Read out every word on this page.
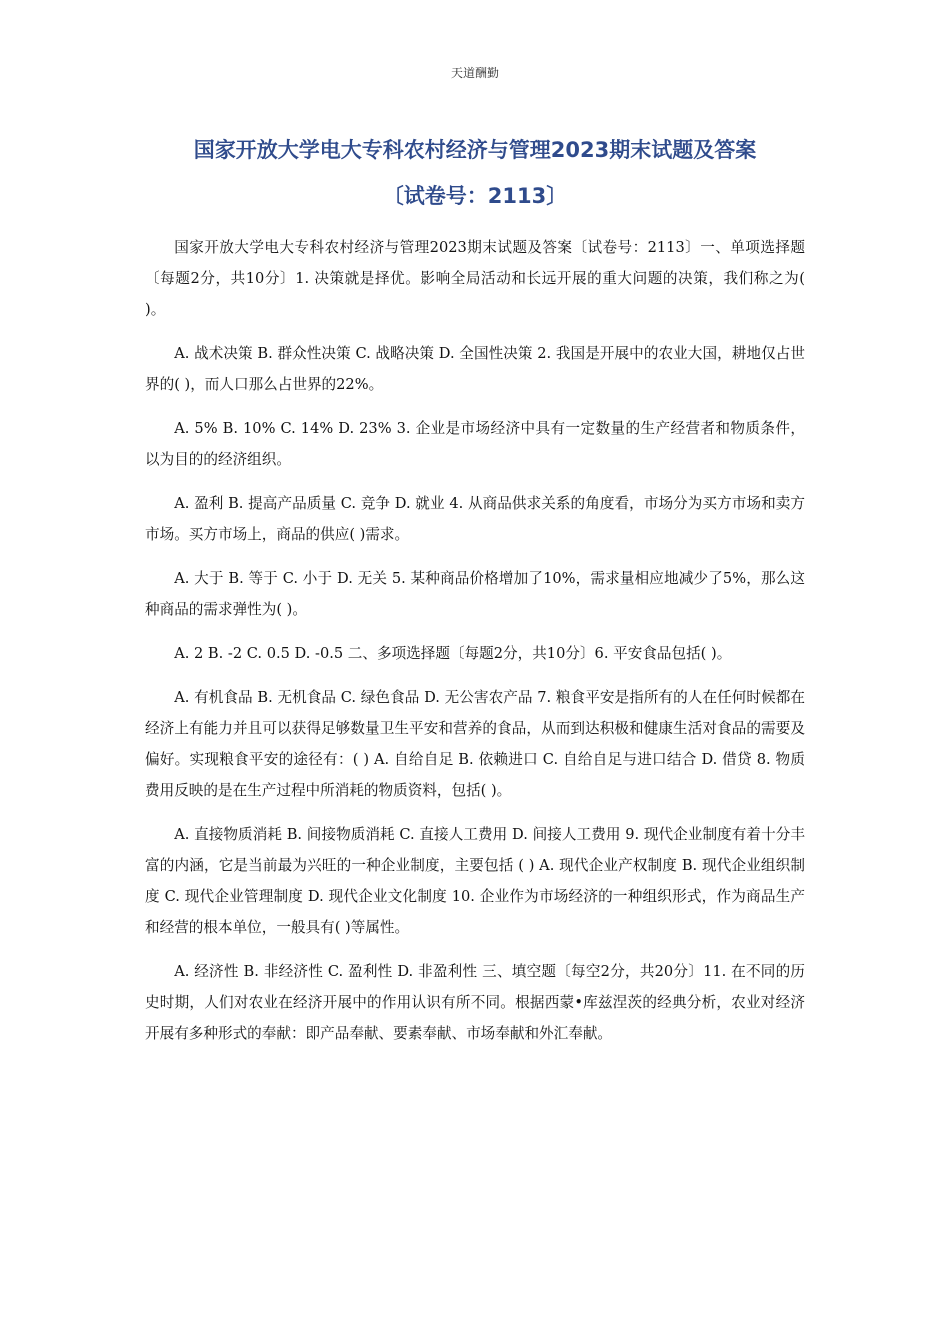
天道酬勤
国家开放大学电大专科农村经济与管理2023期末试题及答案
〔试卷号：2113〕

国家开放大学电大专科农村经济与管理2023期末试题及答案〔试卷号：2113〕一、单项选择题〔每题2分，共10分〕1. 决策就是择优。影响全局活动和长远开展的重大问题的决策，我们称之为( )。

A. 战术决策 B. 群众性决策 C. 战略决策 D. 全国性决策 2. 我国是开展中的农业大国，耕地仅占世界的( )，而人口那么占世界的22%。

A. 5% B. 10% C. 14% D. 23% 3. 企业是市场经济中具有一定数量的生产经营者和物质条件，以为目的的经济组织。

A. 盈利 B. 提高产品质量 C. 竞争 D. 就业 4. 从商品供求关系的角度看，市场分为买方市场和卖方市场。买方市场上，商品的供应( )需求。

A. 大于 B. 等于 C. 小于 D. 无关 5. 某种商品价格增加了10%，需求量相应地减少了5%，那么这种商品的需求弹性为( )。

A. 2 B. -2 C. 0.5 D. -0.5 二、多项选择题〔每题2分，共10分〕6. 平安食品包括( )。

A. 有机食品 B. 无机食品 C. 绿色食品 D. 无公害农产品 7. 粮食平安是指所有的人在任何时候都在经济上有能力并且可以获得足够数量卫生平安和营养的食品，从而到达积极和健康生活对食品的需要及偏好。实现粮食平安的途径有：( ) A. 自给自足 B. 依赖进口 C. 自给自足与进口结合 D. 借贷 8. 物质费用反映的是在生产过程中所消耗的物质资料，包括( )。

A. 直接物质消耗 B. 间接物质消耗 C. 直接人工费用 D. 间接人工费用 9. 现代企业制度有着十分丰富的内涵，它是当前最为兴旺的一种企业制度，主要包括 ( ) A. 现代企业产权制度 B. 现代企业组织制度 C. 现代企业管理制度 D. 现代企业文化制度 10. 企业作为市场经济的一种组织形式，作为商品生产和经营的根本单位，一般具有( )等属性。

A. 经济性 B. 非经济性 C. 盈利性 D. 非盈利性 三、填空题〔每空2分，共20分〕11. 在不同的历史时期，人们对农业在经济开展中的作用认识有所不同。根据西蒙•库兹涅茨的经典分析，农业对经济开展有多种形式的奉献：即产品奉献、要素奉献、市场奉献和外汇奉献。
